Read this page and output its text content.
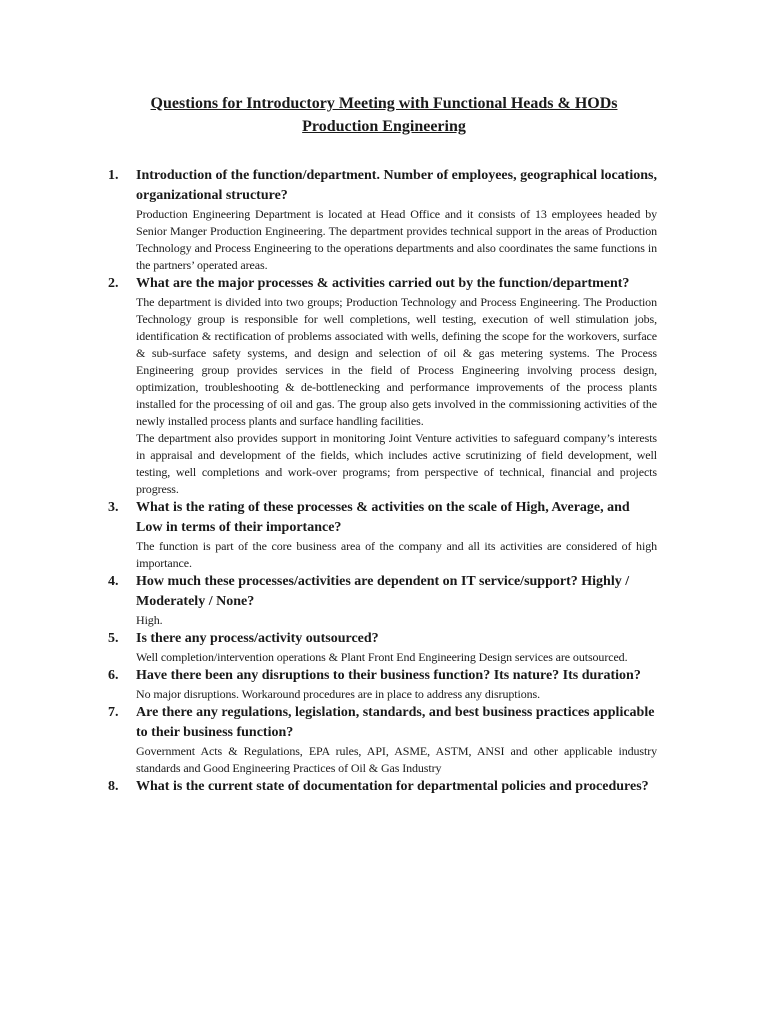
Questions for Introductory Meeting with Functional Heads & HODs
Production Engineering
1. Introduction of the function/department. Number of employees, geographical locations, organizational structure?

Production Engineering Department is located at Head Office and it consists of 13 employees headed by Senior Manger Production Engineering. The department provides technical support in the areas of Production Technology and Process Engineering to the operations departments and also coordinates the same functions in the partners’ operated areas.

2. What are the major processes & activities carried out by the function/department?

The department is divided into two groups; Production Technology and Process Engineering. The Production Technology group is responsible for well completions, well testing, execution of well stimulation jobs, identification & rectification of problems associated with wells, defining the scope for the workovers, surface & sub-surface safety systems, and design and selection of oil & gas metering systems. The Process Engineering group provides services in the field of Process Engineering involving process design, optimization, troubleshooting & de-bottlenecking and performance improvements of the process plants installed for the processing of oil and gas. The group also gets involved in the commissioning activities of the newly installed process plants and surface handling facilities.

The department also provides support in monitoring Joint Venture activities to safeguard company’s interests in appraisal and development of the fields, which includes active scrutinizing of field development, well testing, well completions and work-over programs; from perspective of technical, financial and projects progress.

3. What is the rating of these processes & activities on the scale of High, Average, and Low in terms of their importance?

The function is part of the core business area of the company and all its activities are considered of high importance.

4. How much these processes/activities are dependent on IT service/support? Highly / Moderately / None?

High.

5. Is there any process/activity outsourced?

Well completion/intervention operations & Plant Front End Engineering Design services are outsourced.

6. Have there been any disruptions to their business function? Its nature? Its duration?

No major disruptions. Workaround procedures are in place to address any disruptions.

7. Are there any regulations, legislation, standards, and best business practices applicable to their business function?

Government Acts & Regulations, EPA rules, API, ASME, ASTM, ANSI and other applicable industry standards and Good Engineering Practices of Oil & Gas Industry

8. What is the current state of documentation for departmental policies and procedures?
